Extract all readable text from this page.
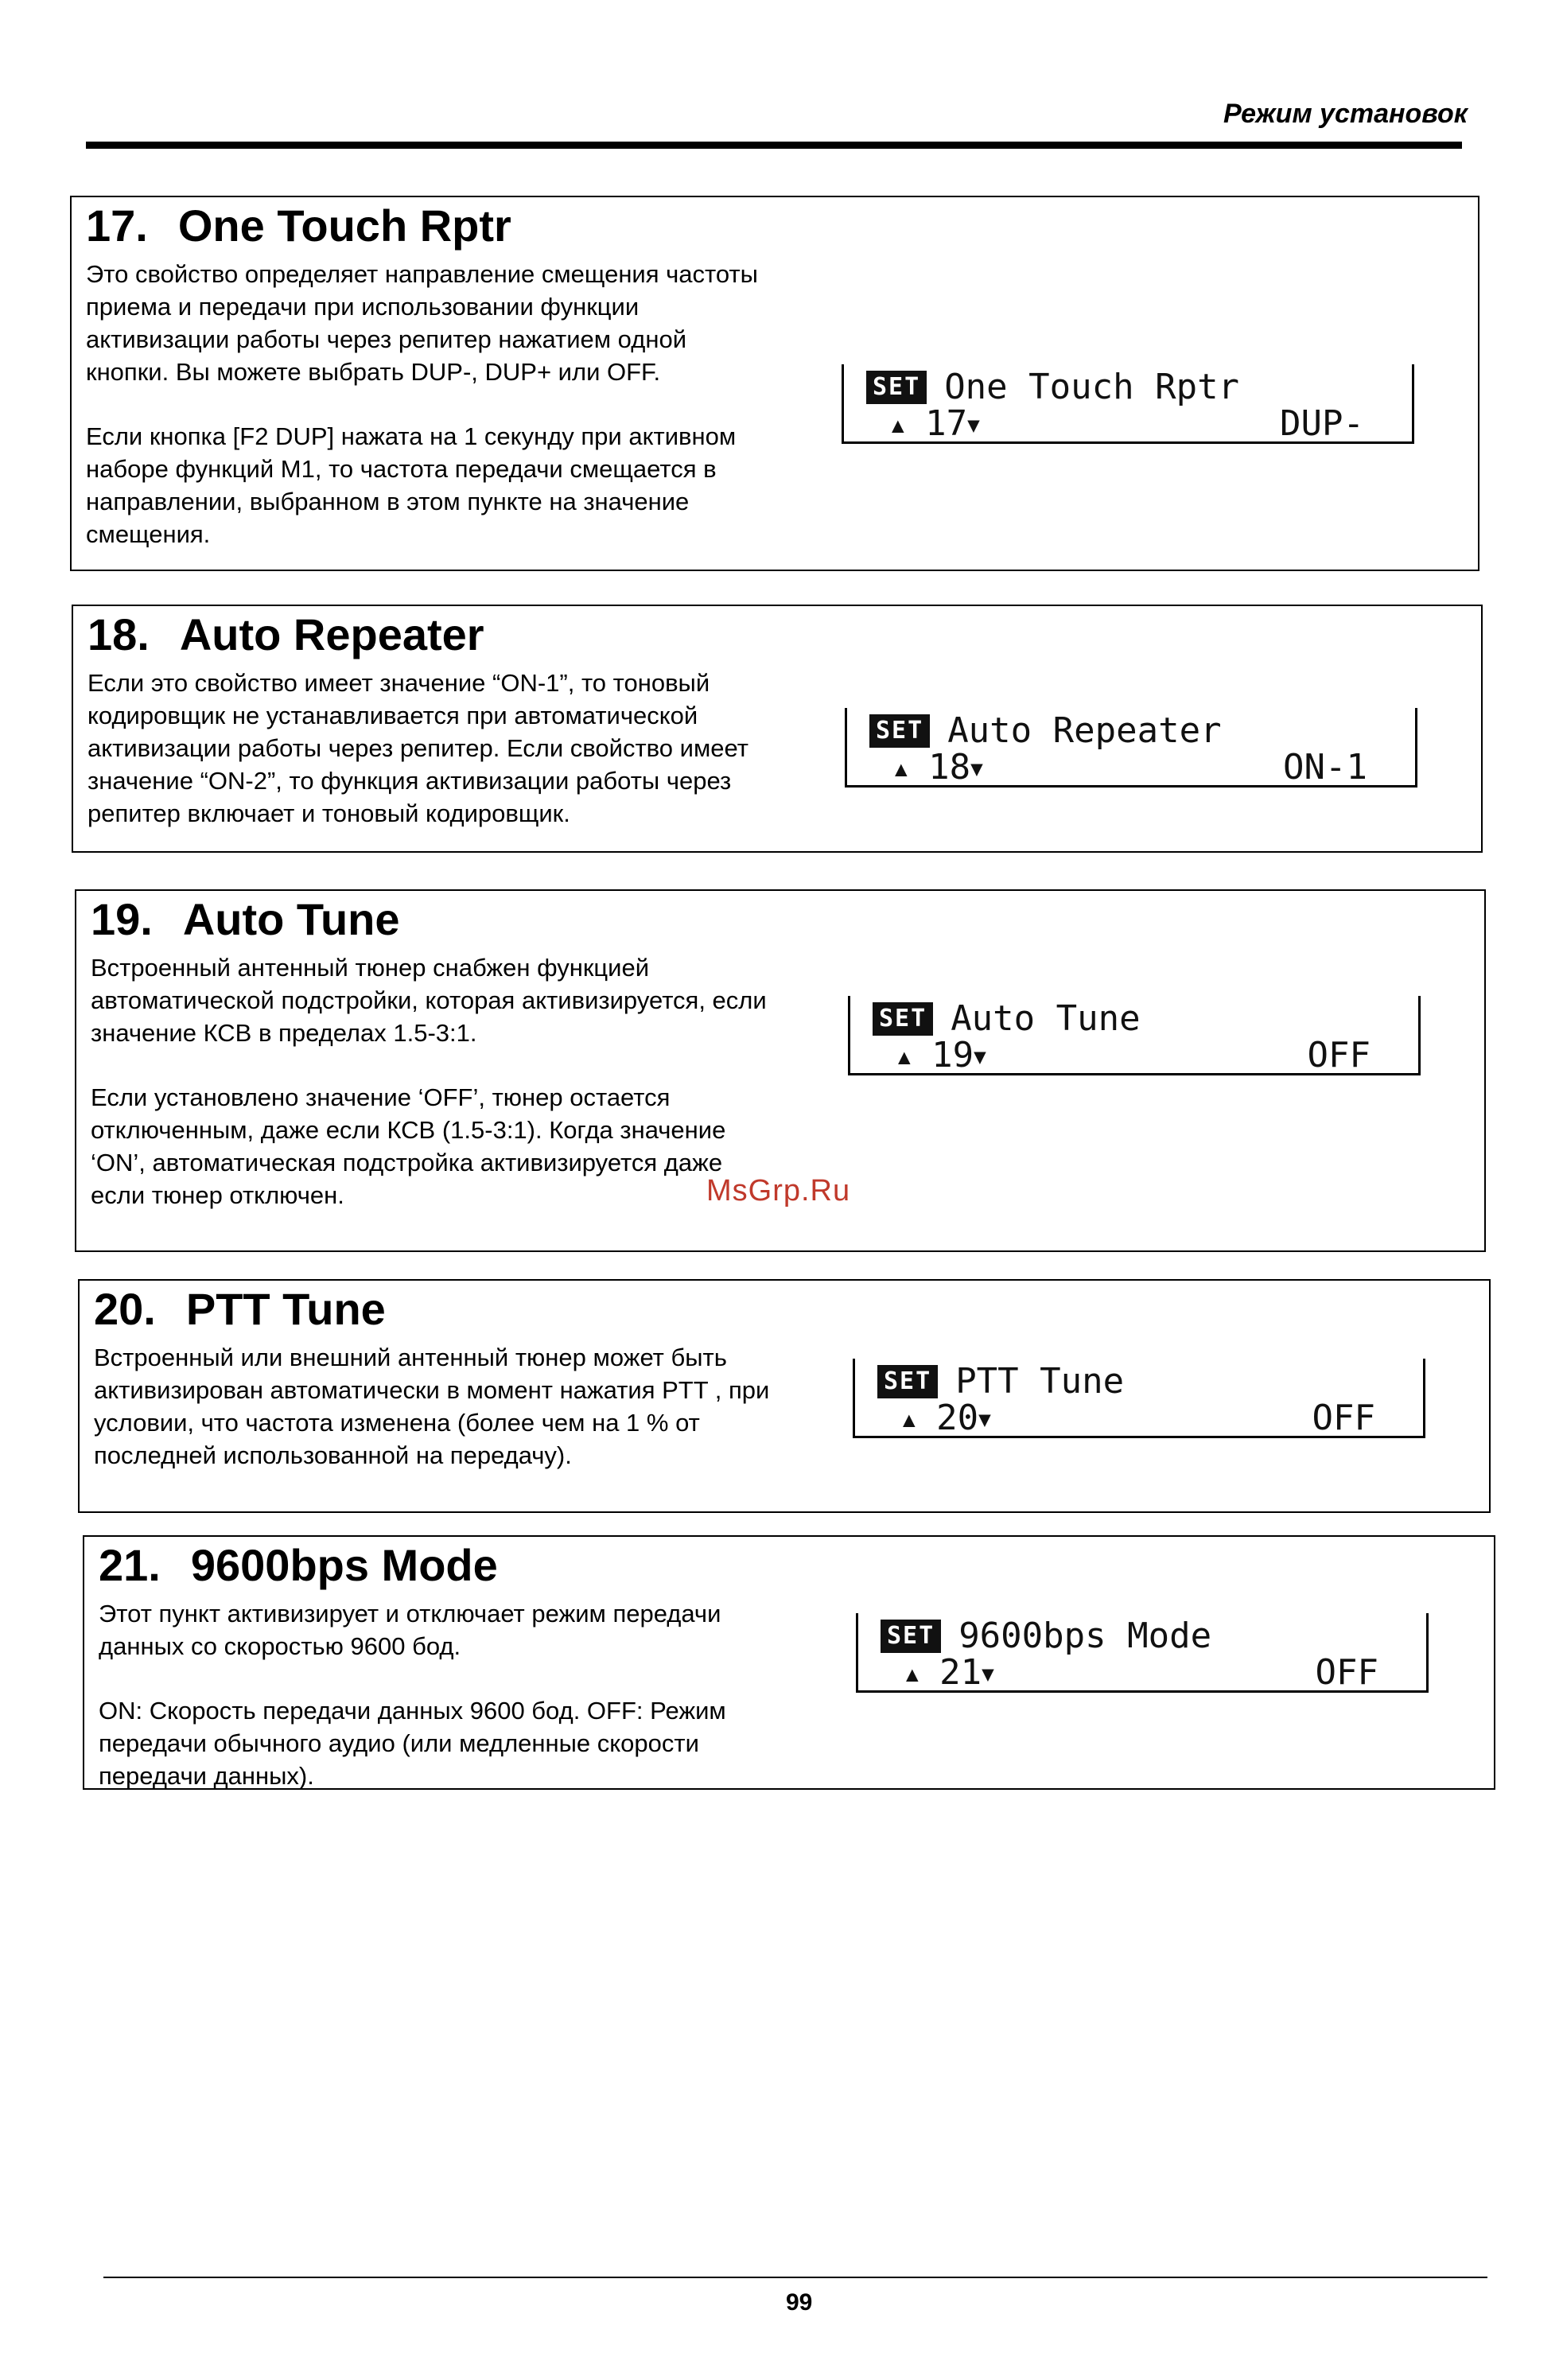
Режим установок
17. One Touch Rptr

Это свойство определяет направление смещения частоты приема и передачи при использовании функции активизации работы через репитер нажатием одной кнопки. Вы можете выбрать DUP-, DUP+ или OFF.

Если кнопка [F2 DUP] нажата на 1 секунду при активном наборе функций M1, то частота передачи смещается в направлении, выбранном в этом пункте на значение смещения.

SET One Touch Rptr
▲ 17▼	DUP-
18. Auto Repeater

Если это свойство имеет значение “ON-1”, то тоновый кодировщик не устанавливается при автоматической активизации работы через репитер. Если свойство имеет значение “ON-2”, то функция активизации работы через репитер включает и тоновый кодировщик.

SET Auto Repeater
▲ 18▼	ON-1
19. Auto Tune

Встроенный антенный тюнер снабжен функцией автоматической подстройки, которая активизируется, если значение КСВ в пределах 1.5-3:1.

Если установлено значение ‘OFF’, тюнер остается отключенным, даже если КСВ (1.5-3:1). Когда значение ‘ON’, автоматическая подстройка активизируется даже если тюнер отключен.

SET Auto Tune
▲ 19▼	OFF
20. PTT Tune

Встроенный или внешний антенный тюнер может быть активизирован автоматически в момент нажатия PTT , при условии, что частота изменена (более чем на 1 % от последней использованной на передачу).

SET PTT Tune
▲ 20▼	OFF
21. 9600bps Mode

Этот пункт активизирует и отключает режим передачи данных со скоростью 9600 бод.

ON: Скорость передачи данных 9600 бод. OFF: Режим передачи обычного аудио (или медленные скорости передачи данных).

SET 9600bps Mode
▲ 21▼	OFF
MsGrp.Ru
99
